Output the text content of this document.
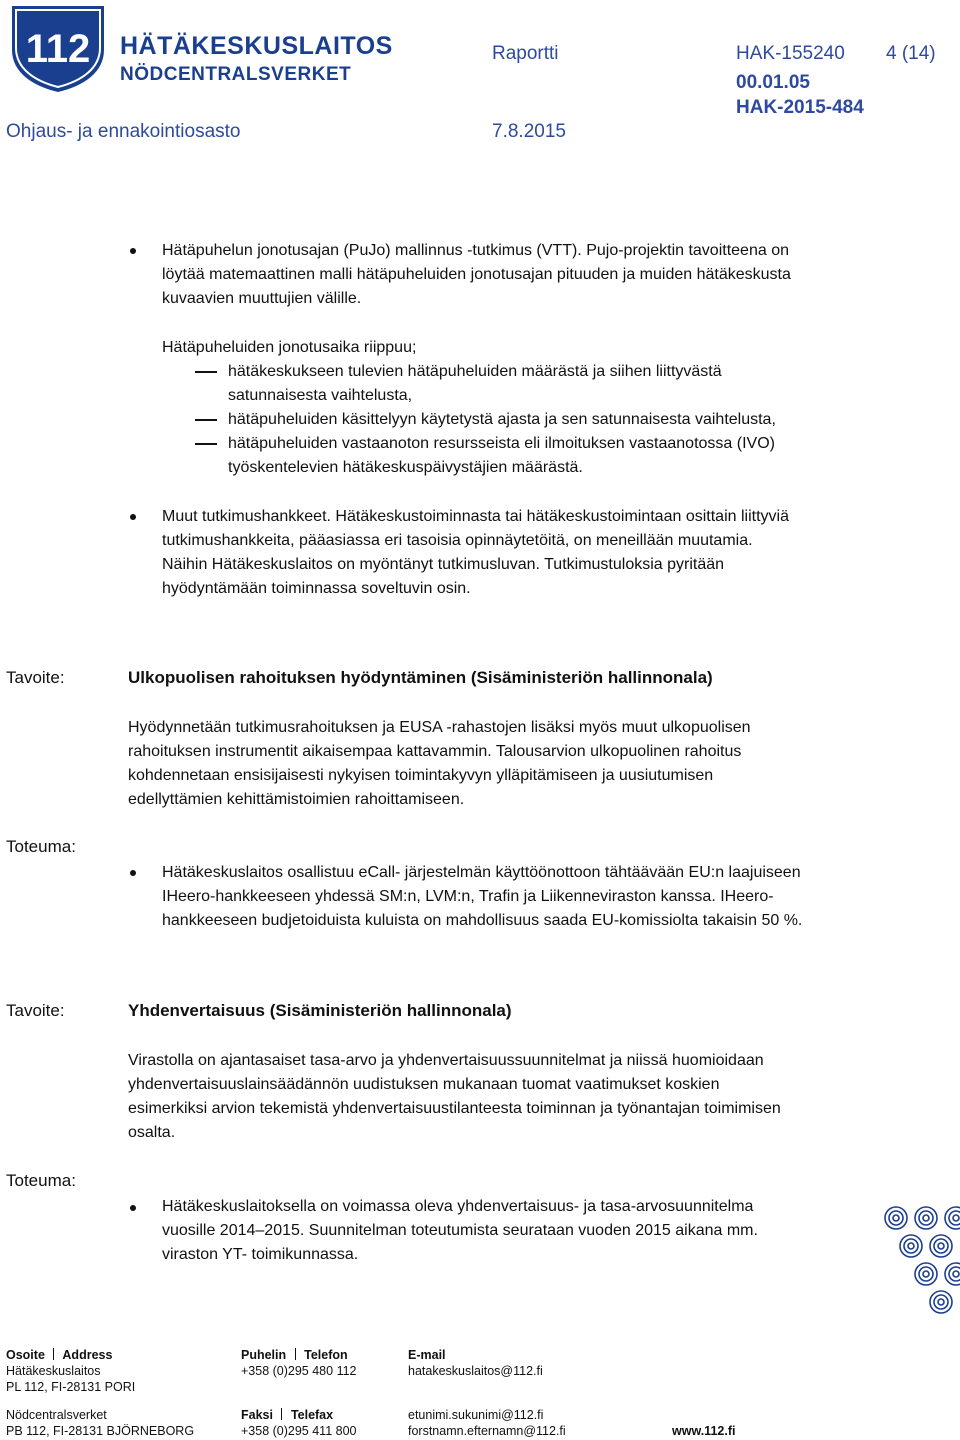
112 HÄTÄKESKUSLAITOS
NÖDCENTRALSVERKET
Raportti	HAK-155240 4 (14)
00.01.05
HAK-2015-484
Ohjaus- ja ennakointiosasto	7.8.2015
Hätäpuhelun jonotusajan (PuJo) mallinnus -tutkimus (VTT). Pujo-projektin tavoitteena on
löytää matemaattinen malli hätäpuheluiden jonotusajan pituuden ja muiden hätäkeskusta
kuvaavien muuttujien välille.
Hätäpuheluiden jonotusaika riippuu;
hätäkeskukseen tulevien hätäpuheluiden määrästä ja siihen liittyvästä
satunnaisesta vaihtelusta,
hätäpuheluiden käsittelyyn käytetystä ajasta ja sen satunnaisesta vaihtelusta,
hätäpuheluiden vastaanoton resursseista eli ilmoituksen vastaanotossa (IVO)
työskentelevien hätäkeskuspäivystäjien määrästä.
Muut tutkimushankkeet. Hätäkeskustoiminnasta tai hätäkeskustoimintaan osittain liittyviä
tutkimushankkeita, pääasiassa eri tasoisia opinnäytetöitä, on meneillään muutamia.
Näihin Hätäkeskuslaitos on myöntänyt tutkimusluvan. Tutkimustuloksia pyritään
hyödyntämään toiminnassa soveltuvin osin.
Tavoite:	Ulkopuolisen rahoituksen hyödyntäminen (Sisäministeriön hallinnonala)
Hyödynnetään tutkimusrahoituksen ja EUSA -rahastojen lisäksi myös muut ulkopuolisen
rahoituksen instrumentit aikaisempaa kattavammin. Talousarvion ulkopuolinen rahoitus
kohdennetaan ensisijaisesti nykyisen toimintakyvyn ylläpitämiseen ja uusiutumisen
edellyttämien kehittämistoimien rahoittamiseen.
Toteuma:
Hätäkeskuslaitos osallistuu eCall- järjestelmän käyttöönottoon tähtäävään EU:n laajuiseen
IHeero-hankkeeseen yhdessä SM:n, LVM:n, Trafin ja Liikenneviraston kanssa. IHeero-
hankkeeseen budjetoiduista kuluista on mahdollisuus saada EU-komissiolta takaisin 50 %.
Tavoite:	Yhdenvertaisuus (Sisäministeriön hallinnonala)
Virastolla on ajantasaiset tasa-arvo ja yhdenvertaisuussuunnitelmat ja niissä huomioidaan
yhdenvertaisuuslainsäädännön uudistuksen mukanaan tuomat vaatimukset koskien
esimerkiksi arvion tekemistä yhdenvertaisuustilanteesta toiminnan ja työnantajan toimimisen
osalta.
Toteuma:
Hätäkeskuslaitoksella on voimassa oleva yhdenvertaisuus- ja tasa-arvosuunnitelma
vuosille 2014–2015. Suunnitelman toteutumista seurataan vuoden 2015 aikana mm.
viraston YT- toimikunnassa.
Osoite Address
Hätäkeskuslaitos
PL 112, FI-28131 PORI
Nödcentralsverket
PB 112, FI-28131 BJÖRNEBORG
Puhelin Telefon
+358 (0)295 480 112
Faksi Telefax
+358 (0)295 411 800
E-mail
hatakeskuslaitos@112.fi
etunimi.sukunimi@112.fi
forstnamn.efternamn@112.fi	www.112.fi
